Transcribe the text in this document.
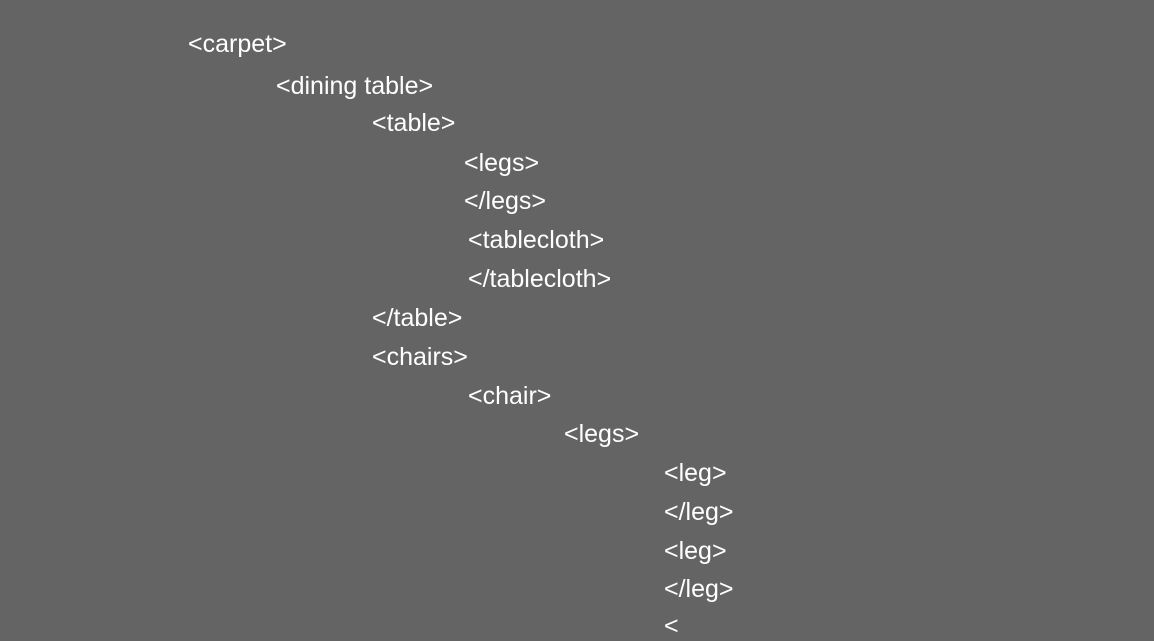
<carpet>
<dining table>
<table>
<legs>
</legs>
<tablecloth>
</tablecloth>
</table>
<chairs>
<chair>
<legs>
<leg>
</leg>
<leg>
</leg>
<
